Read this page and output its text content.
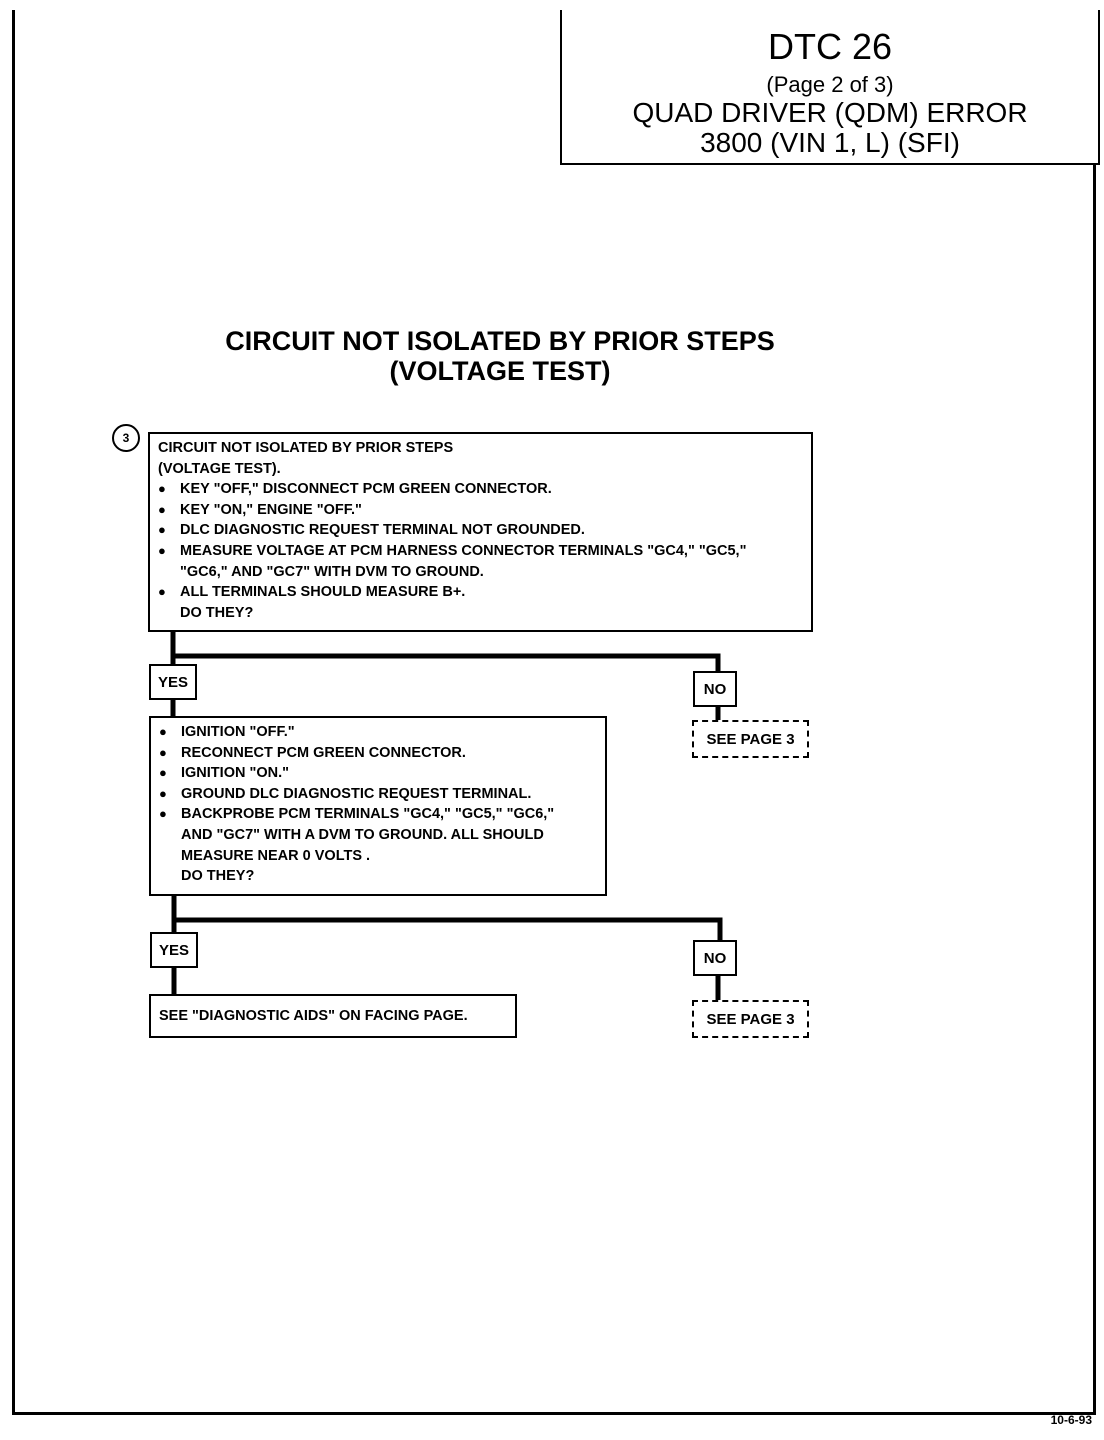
DTC 26
(Page 2 of 3)
QUAD DRIVER (QDM) ERROR
3800 (VIN 1, L) (SFI)
CIRCUIT NOT ISOLATED BY PRIOR STEPS
(VOLTAGE TEST)
3
CIRCUIT NOT ISOLATED BY PRIOR STEPS
(VOLTAGE TEST).
● KEY "OFF," DISCONNECT PCM GREEN CONNECTOR.
● KEY "ON," ENGINE "OFF."
● DLC DIAGNOSTIC REQUEST TERMINAL NOT GROUNDED.
● MEASURE VOLTAGE AT PCM HARNESS CONNECTOR TERMINALS "GC4," "GC5,"
"GC6," AND "GC7" WITH DVM TO GROUND.
● ALL TERMINALS SHOULD MEASURE B+.
DO THEY?
YES	NO
SEE PAGE 3
● IGNITION "OFF."
● RECONNECT PCM GREEN CONNECTOR.
● IGNITION "ON."
● GROUND DLC DIAGNOSTIC REQUEST TERMINAL.
● BACKPROBE PCM TERMINALS "GC4," "GC5," "GC6,"
AND "GC7" WITH A DVM TO GROUND. ALL SHOULD
MEASURE NEAR 0 VOLTS .
DO THEY?
YES	NO
SEE PAGE 3
SEE "DIAGNOSTIC AIDS" ON FACING PAGE.
10-6-93
